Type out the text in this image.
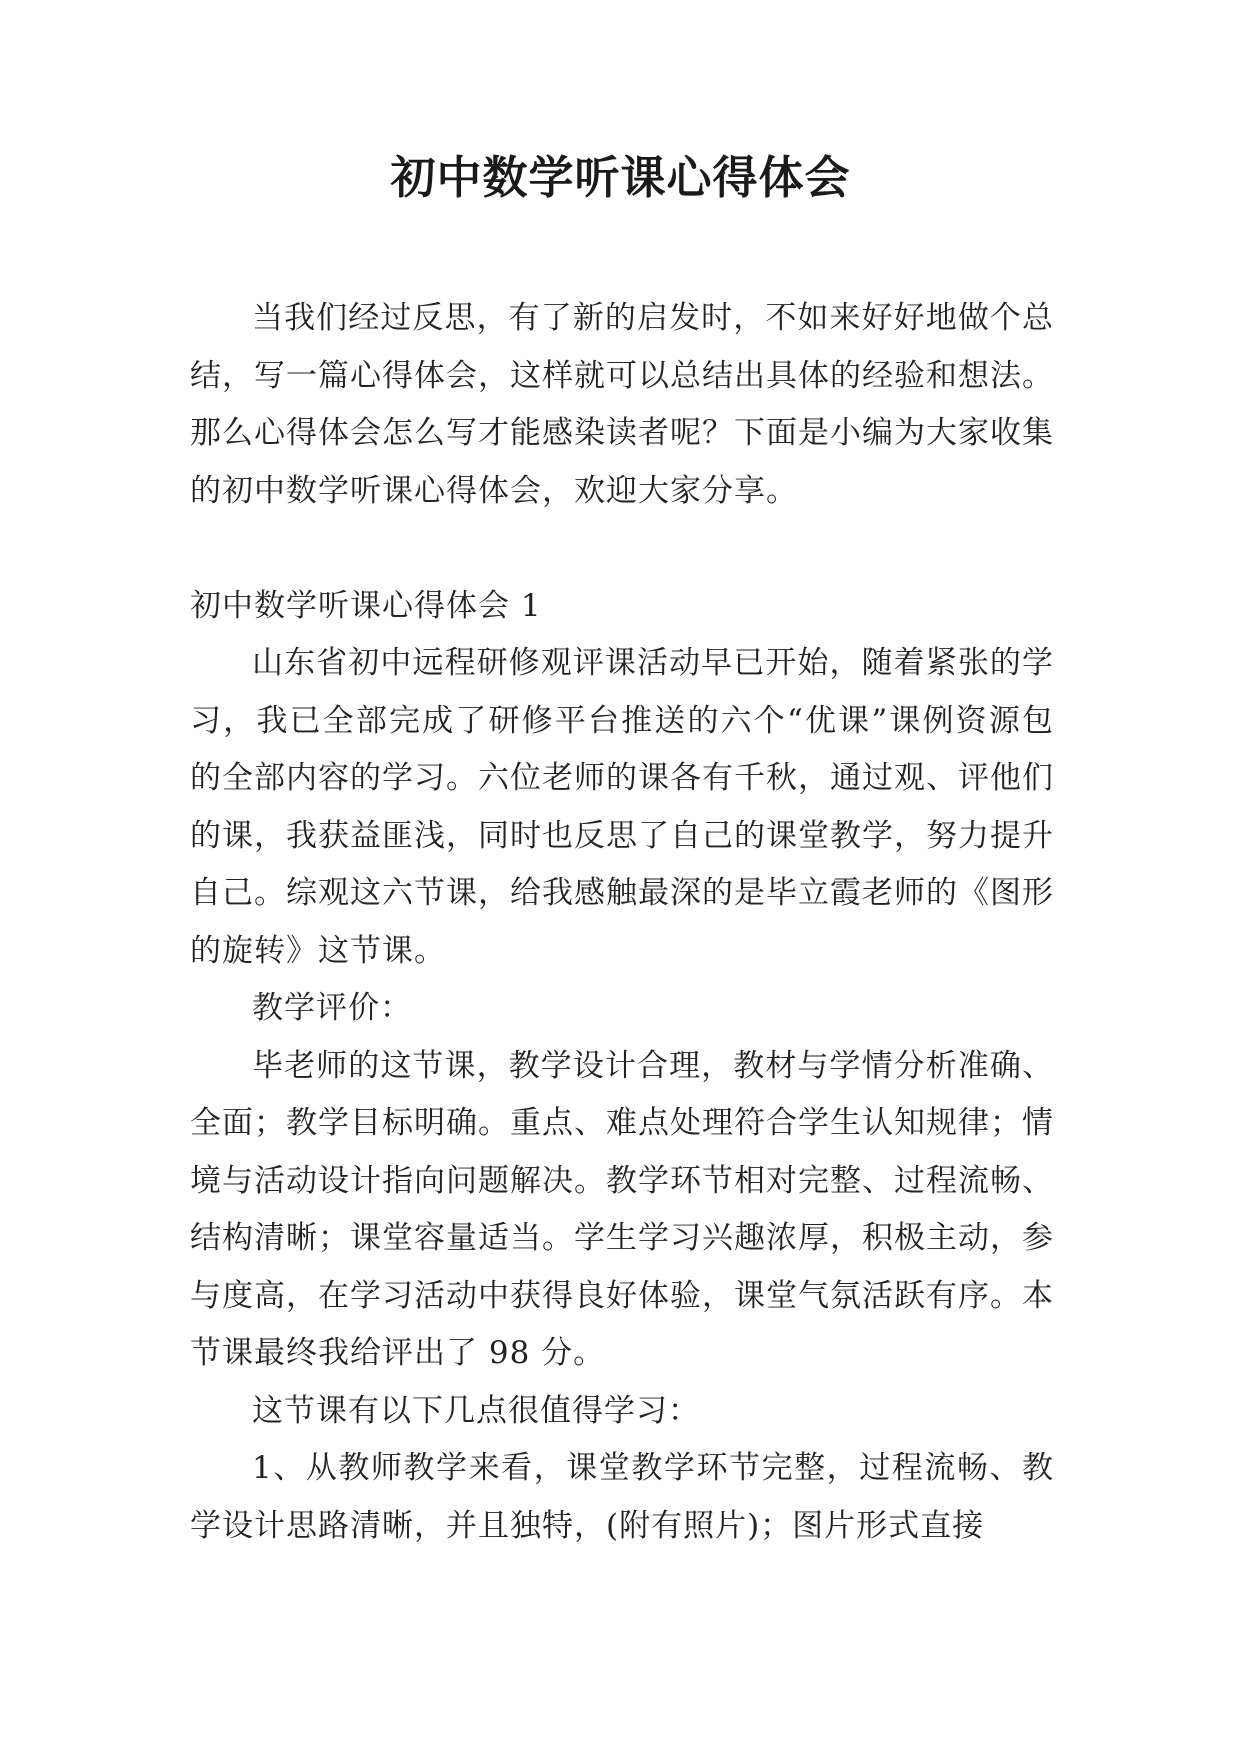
初中数学听课心得体会

当我们经过反思，有了新的启发时，不如来好好地做个总结，写一篇心得体会，这样就可以总结出具体的经验和想法。那么心得体会怎么写才能感染读者呢？下面是小编为大家收集的初中数学听课心得体会，欢迎大家分享。

初中数学听课心得体会 1

山东省初中远程研修观评课活动早已开始，随着紧张的学习，我已全部完成了研修平台推送的六个“优课”课例资源包的全部内容的学习。六位老师的课各有千秋，通过观、评他们的课，我获益匪浅，同时也反思了自己的课堂教学，努力提升自己。综观这六节课，给我感触最深的是毕立霞老师的《图形的旋转》这节课。

教学评价：

毕老师的这节课，教学设计合理，教材与学情分析准确、全面；教学目标明确。重点、难点处理符合学生认知规律；情境与活动设计指向问题解决。教学环节相对完整、过程流畅、结构清晰；课堂容量适当。学生学习兴趣浓厚，积极主动，参与度高，在学习活动中获得良好体验，课堂气氛活跃有序。本节课最终我给评出了 98 分。

这节课有以下几点很值得学习：

1、从教师教学来看，课堂教学环节完整，过程流畅、教学设计思路清晰，并且独特，(附有照片)；图片形式直接
